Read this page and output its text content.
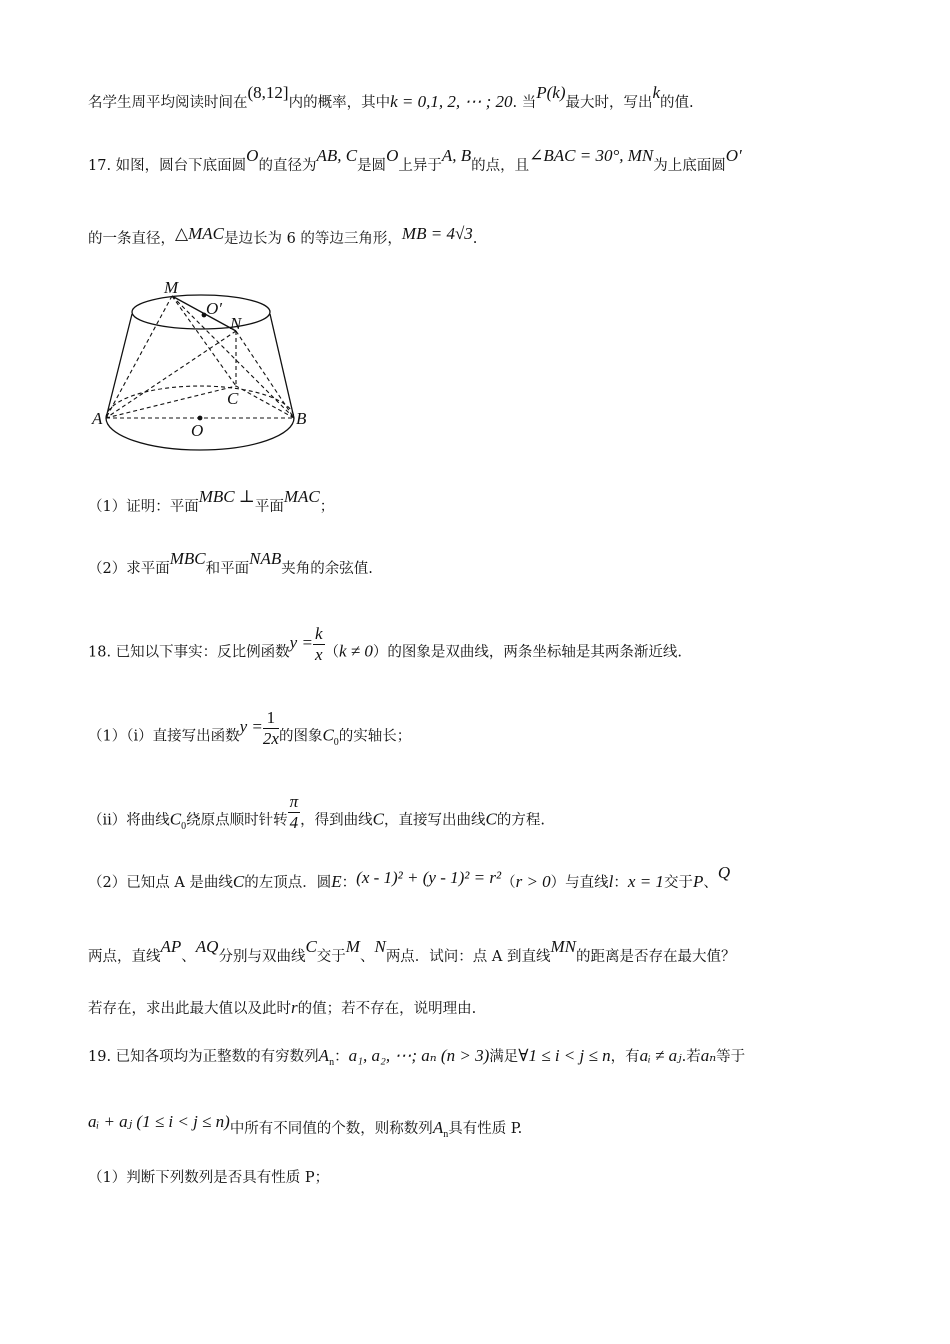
名学生周平均阅读时间在(8,12]内的概率，其中k = 0,1, 2, ⋯ ; 20. 当P(k)最大时，写出k的值.
17. 如图，圆台下底面圆O的直径为AB, C是圆O上异于A, B的点，且∠BAC = 30°, MN为上底面圆O′
的一条直径，△MAC是边长为 6 的等边三角形，MB = 4√3.
M
O′
N
C
A	B
O
（1）证明：平面MBC ⊥平面MAC；
（2）求平面MBC和平面NAB夹角的余弦值.
18. 已知以下事实：反比例函数$y = \frac{k}{x} (k \ne 0)$的图象是双曲线，两条坐标轴是其两条渐近线.
（1）（ⅰ）直接写出函数$y = \frac{1}{2x}$ 的图象$C_0$的实轴长；
（ⅱ）将曲线$C_0$绕原点顺时针转 $\frac{\pi}{4}$ ，得到曲线C，直接写出曲线C的方程.
（2）已知点 A 是曲线C的左顶点．圆E：(x - 1)² + (y - 1)² = r²（r > 0）与直线l：x = 1交于P、Q
两点，直线AP、AQ分别与双曲线C交于M、N两点．试问：点 A 到直线MN的距离是否存在最大值？
若存在，求出此最大值以及此时r的值；若不存在，说明理由.
19. 已知各项均为正整数的有穷数列$A_n$：a₁, a₂, ⋯; aₙ (n > 3)满足∀1 ≤ i < j ≤ n，有aᵢ ≠ aⱼ.若aₙ等于
aᵢ + aⱼ (1 ≤ i < j ≤ n)中所有不同值的个数，则称数列$A_n$具有性质 P.
（1）判断下列数列是否具有性质 P；
